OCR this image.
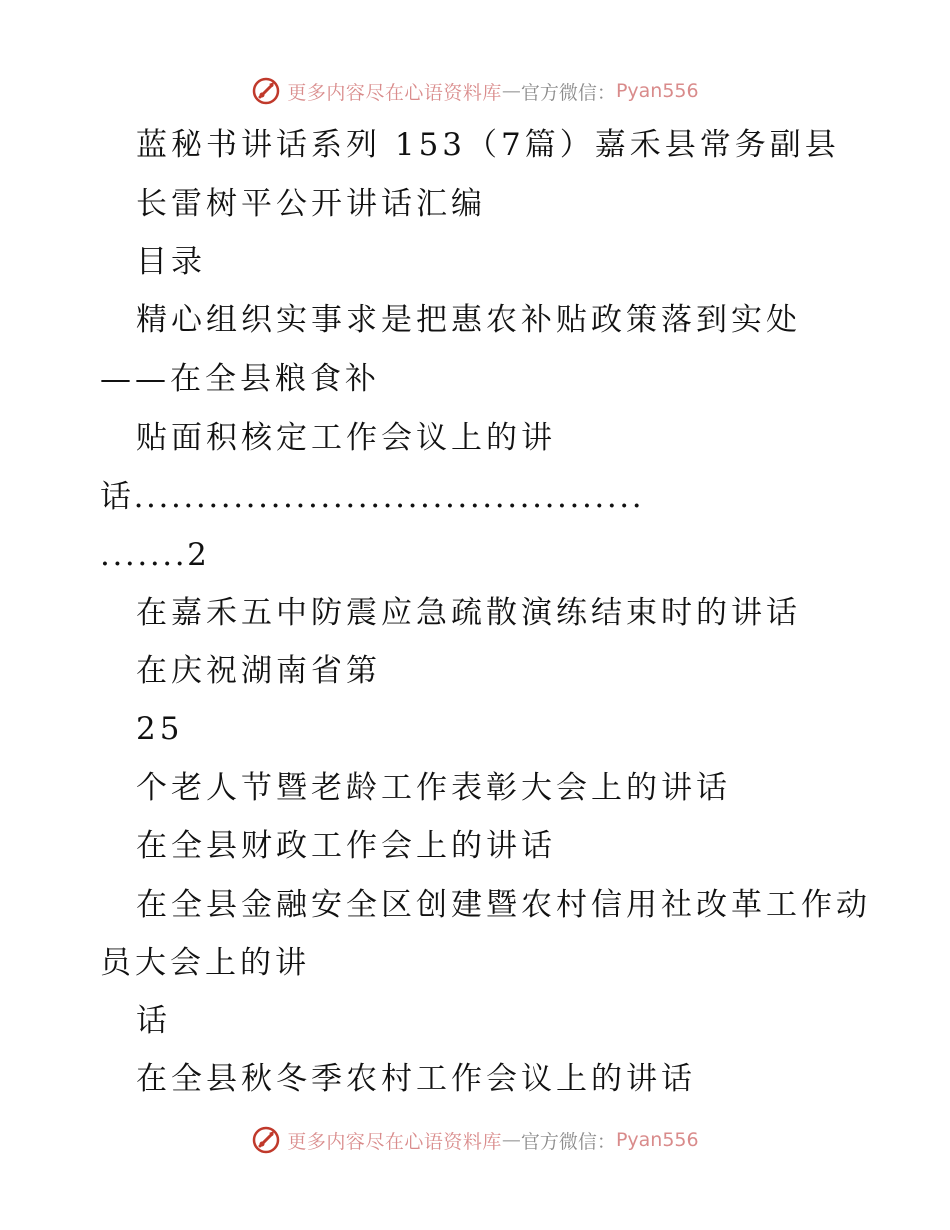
更多内容尽在心语资料库 — 官方微信： Pyan556
蓝秘书讲话系列 153（7篇）嘉禾县常务副县
长雷树平公开讲话汇编
目录
精心组织实事求是把惠农补贴政策落到实处
——在全县粮食补
贴面积核定工作会议上的讲
话.........................................
.......2
在嘉禾五中防震应急疏散演练结束时的讲话
在庆祝湖南省第
25
个老人节暨老龄工作表彰大会上的讲话
在全县财政工作会上的讲话
在全县金融安全区创建暨农村信用社改革工作动
员大会上的讲
话
在全县秋冬季农村工作会议上的讲话
更多内容尽在心语资料库 — 官方微信： Pyan556
